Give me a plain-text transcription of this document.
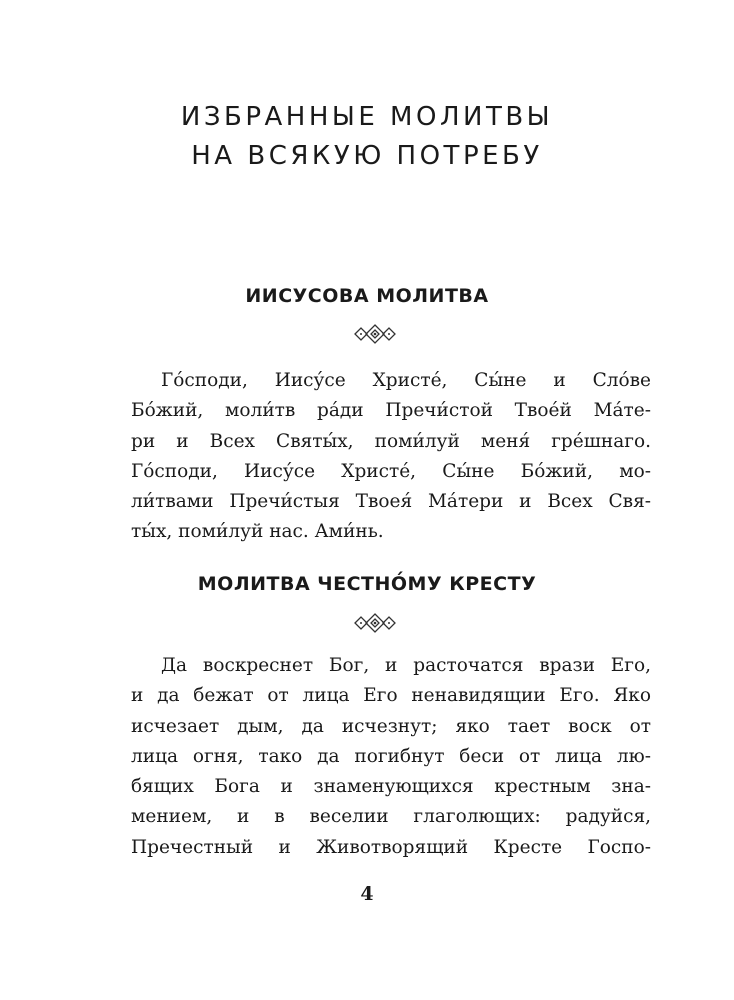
ИЗБРАННЫЕ МОЛИТВЫ
НА ВСЯКУЮ ПОТРЕБУ
ИИСУСОВА МОЛИТВА
Го́споди, Иису́се Христе́, Сы́не и Сло́ве
Бо́жий, моли́тв ра́ди Пречи́стой Твое́й Ма́те-
ри и Всех Святы́х, поми́луй меня́ гре́шнаго.
Го́споди, Иису́се Христе́, Сы́не Бо́жий, мо-
ли́твами Пречи́стыя Твоея́ Ма́тери и Всех Свя-
ты́х, поми́луй нас. Ами́нь.
МОЛИТВА ЧЕСТНО́МУ КРЕСТУ
Да воскреснет Бог, и расточатся врази Его,
и да бежат от лица Его ненавидящии Его. Яко
исчезает дым, да исчезнут; яко тает воск от
лица огня, тако да погибнут беси от лица лю-
бящих Бога и знаменующихся крестным зна-
мением, и в веселии глаголющих: радуйся,
Пречестный и Животворящий Кресте Госпо-
4
